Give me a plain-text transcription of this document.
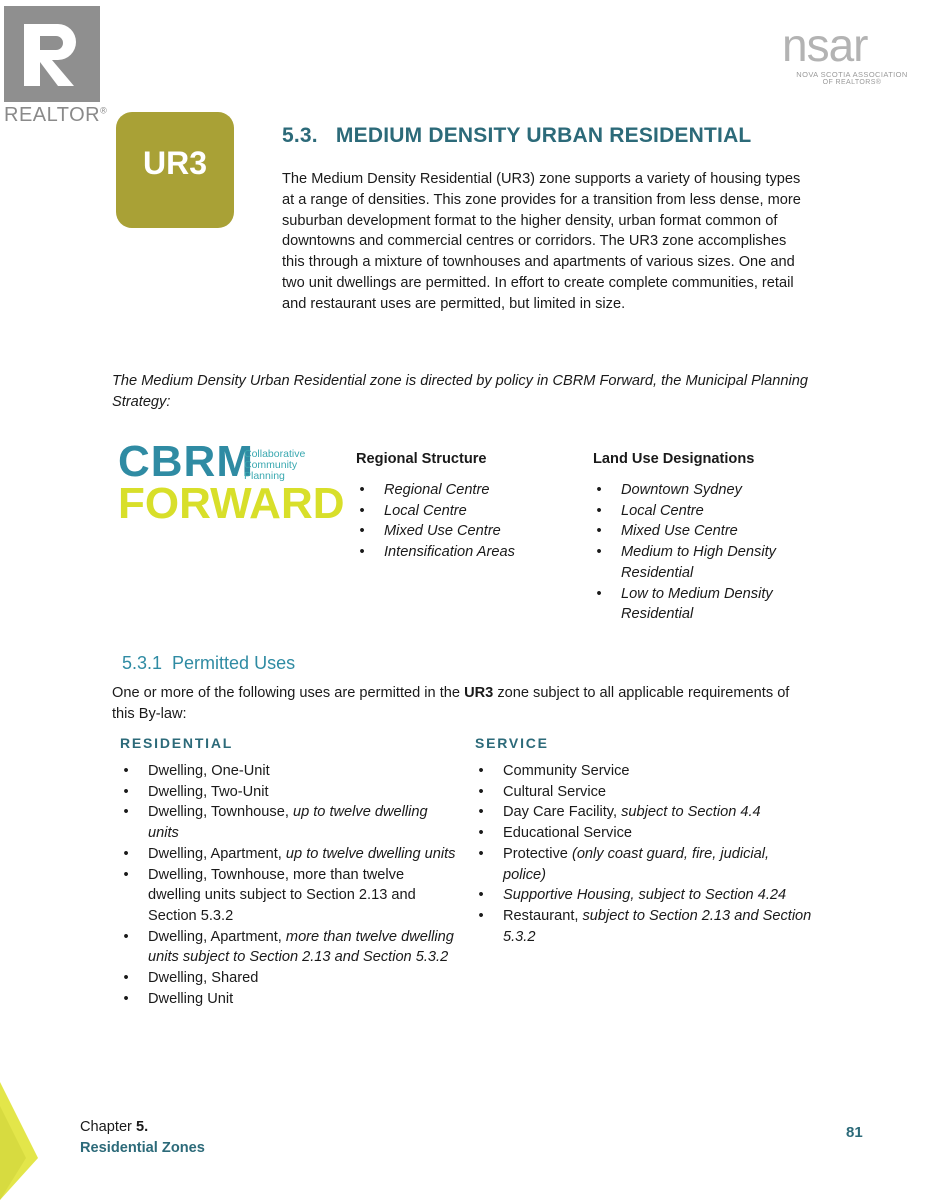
REALTOR®
nsar
NOVA SCOTIA ASSOCIATION
OF REALTORS®
UR3
5.3.   MEDIUM DENSITY URBAN RESIDENTIAL
The Medium Density Residential (UR3) zone supports a variety of housing types at a range of densities. This zone provides for a transition from less dense, more suburban development format to the higher density, urban format common of downtowns and commercial centres or corridors. The UR3 zone accomplishes this through a mixture of townhouses and apartments of various sizes. One and two unit dwellings are permitted. In effort to create complete communities, retail and restaurant uses are permitted, but limited in size.
The Medium Density Urban Residential zone is directed by policy in CBRM Forward, the Municipal Planning Strategy:
CBRM
FORWARD
Collaborative
Community
Planning
Regional Structure
• Regional Centre
• Local Centre
• Mixed Use Centre
• Intensification Areas
Land Use Designations
• Downtown Sydney
• Local Centre
• Mixed Use Centre
• Medium to High Density Residential
• Low to Medium Density Residential
5.3.1  Permitted Uses
One or more of the following uses are permitted in the UR3 zone subject to all applicable requirements of this By-law:
RESIDENTIAL
• Dwelling, One-Unit
• Dwelling, Two-Unit
• Dwelling, Townhouse, up to twelve dwelling units
• Dwelling, Apartment, up to twelve dwelling units
• Dwelling, Townhouse, more than twelve dwelling units subject to Section 2.13 and Section 5.3.2
• Dwelling, Apartment, more than twelve dwelling units subject to Section 2.13 and Section 5.3.2
• Dwelling, Shared
• Dwelling Unit
SERVICE
• Community Service
• Cultural Service
• Day Care Facility, subject to Section 4.4
• Educational Service
• Protective (only coast guard, fire, judicial, police)
• Supportive Housing, subject to Section 4.24
• Restaurant, subject to Section 2.13 and Section 5.3.2
Chapter 5.
Residential Zones
81
